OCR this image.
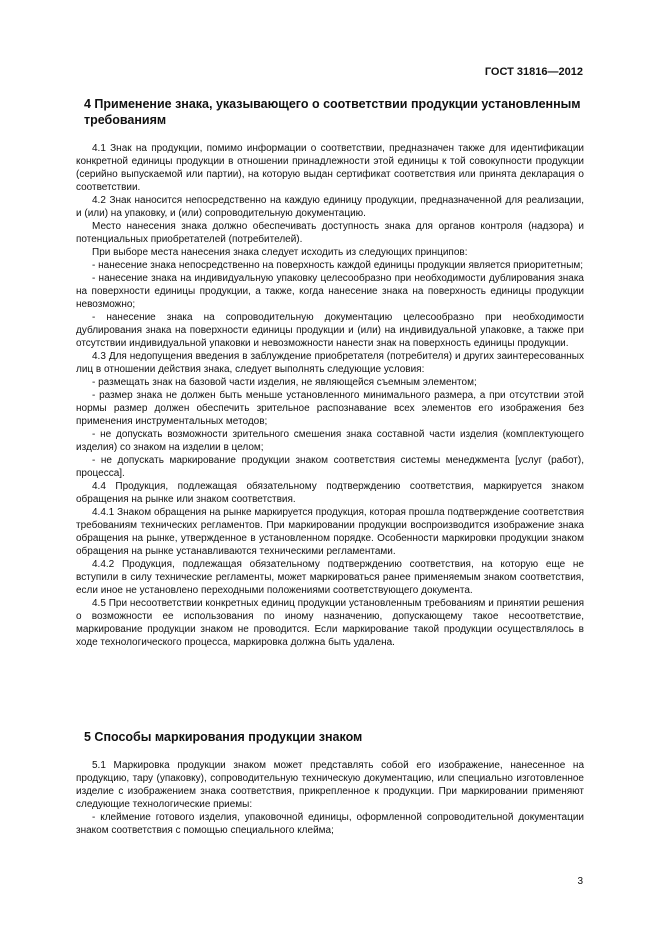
ГОСТ 31816—2012
4 Применение знака, указывающего о соответствии продукции установленным требованиям

4.1 Знак на продукции, помимо информации о соответствии, предназначен также для идентификации конкретной единицы продукции в отношении принадлежности этой единицы к той совокупности продукции (серийно выпускаемой или партии), на которую выдан сертификат соответствия или принята декларация о соответствии.

4.2 Знак наносится непосредственно на каждую единицу продукции, предназначенной для реализации, и (или) на упаковку, и (или) сопроводительную документацию.

Место нанесения знака должно обеспечивать доступность знака для органов контроля (надзора) и потенциальных приобретателей (потребителей).

При выборе места нанесения знака следует исходить из следующих принципов:

- нанесение знака непосредственно на поверхность каждой единицы продукции является приоритетным;

- нанесение знака на индивидуальную упаковку целесообразно при необходимости дублирования знака на поверхности единицы продукции, а также, когда нанесение знака на поверхность единицы продукции невозможно;

- нанесение знака на сопроводительную документацию целесообразно при необходимости дублирования знака на поверхности единицы продукции и (или) на индивидуальной упаковке, а также при отсутствии индивидуальной упаковки и невозможности нанести знак на поверхность единицы продукции.

4.3 Для недопущения введения в заблуждение приобретателя (потребителя) и других заинтересованных лиц в отношении действия знака, следует выполнять следующие условия:

- размещать знак на базовой части изделия, не являющейся съемным элементом;

- размер знака не должен быть меньше установленного минимального размера, а при отсутствии этой нормы размер должен обеспечить зрительное распознавание всех элементов его изображения без применения инструментальных методов;

- не допускать возможности зрительного смешения знака составной части изделия (комплектующего изделия) со знаком на изделии в целом;

- не допускать маркирование продукции знаком соответствия системы менеджмента [услуг (работ), процесса].

4.4 Продукция, подлежащая обязательному подтверждению соответствия, маркируется знаком обращения на рынке или знаком соответствия.

4.4.1 Знаком обращения на рынке маркируется продукция, которая прошла подтверждение соответствия требованиям технических регламентов. При маркировании продукции воспроизводится изображение знака обращения на рынке, утвержденное в установленном порядке. Особенности маркировки продукции знаком обращения на рынке устанавливаются техническими регламентами.

4.4.2 Продукция, подлежащая обязательному подтверждению соответствия, на которую еще не вступили в силу технические регламенты, может маркироваться ранее применяемым знаком соответствия, если иное не установлено переходными положениями соответствующего документа.

4.5 При несоответствии конкретных единиц продукции установленным требованиям и принятии решения о возможности ее использования по иному назначению, допускающему такое несоответствие, маркирование продукции знаком не проводится. Если маркирование такой продукции осуществлялось в ходе технологического процесса, маркировка должна быть удалена.

5 Способы маркирования продукции знаком

5.1 Маркировка продукции знаком может представлять собой его изображение, нанесенное на продукцию, тару (упаковку), сопроводительную техническую документацию, или специально изготовленное изделие с изображением знака соответствия, прикрепленное к продукции. При маркировании применяют следующие технологические приемы:

- клеймение готового изделия, упаковочной единицы, оформленной сопроводительной документации знаком соответствия с помощью специального клейма;

3
